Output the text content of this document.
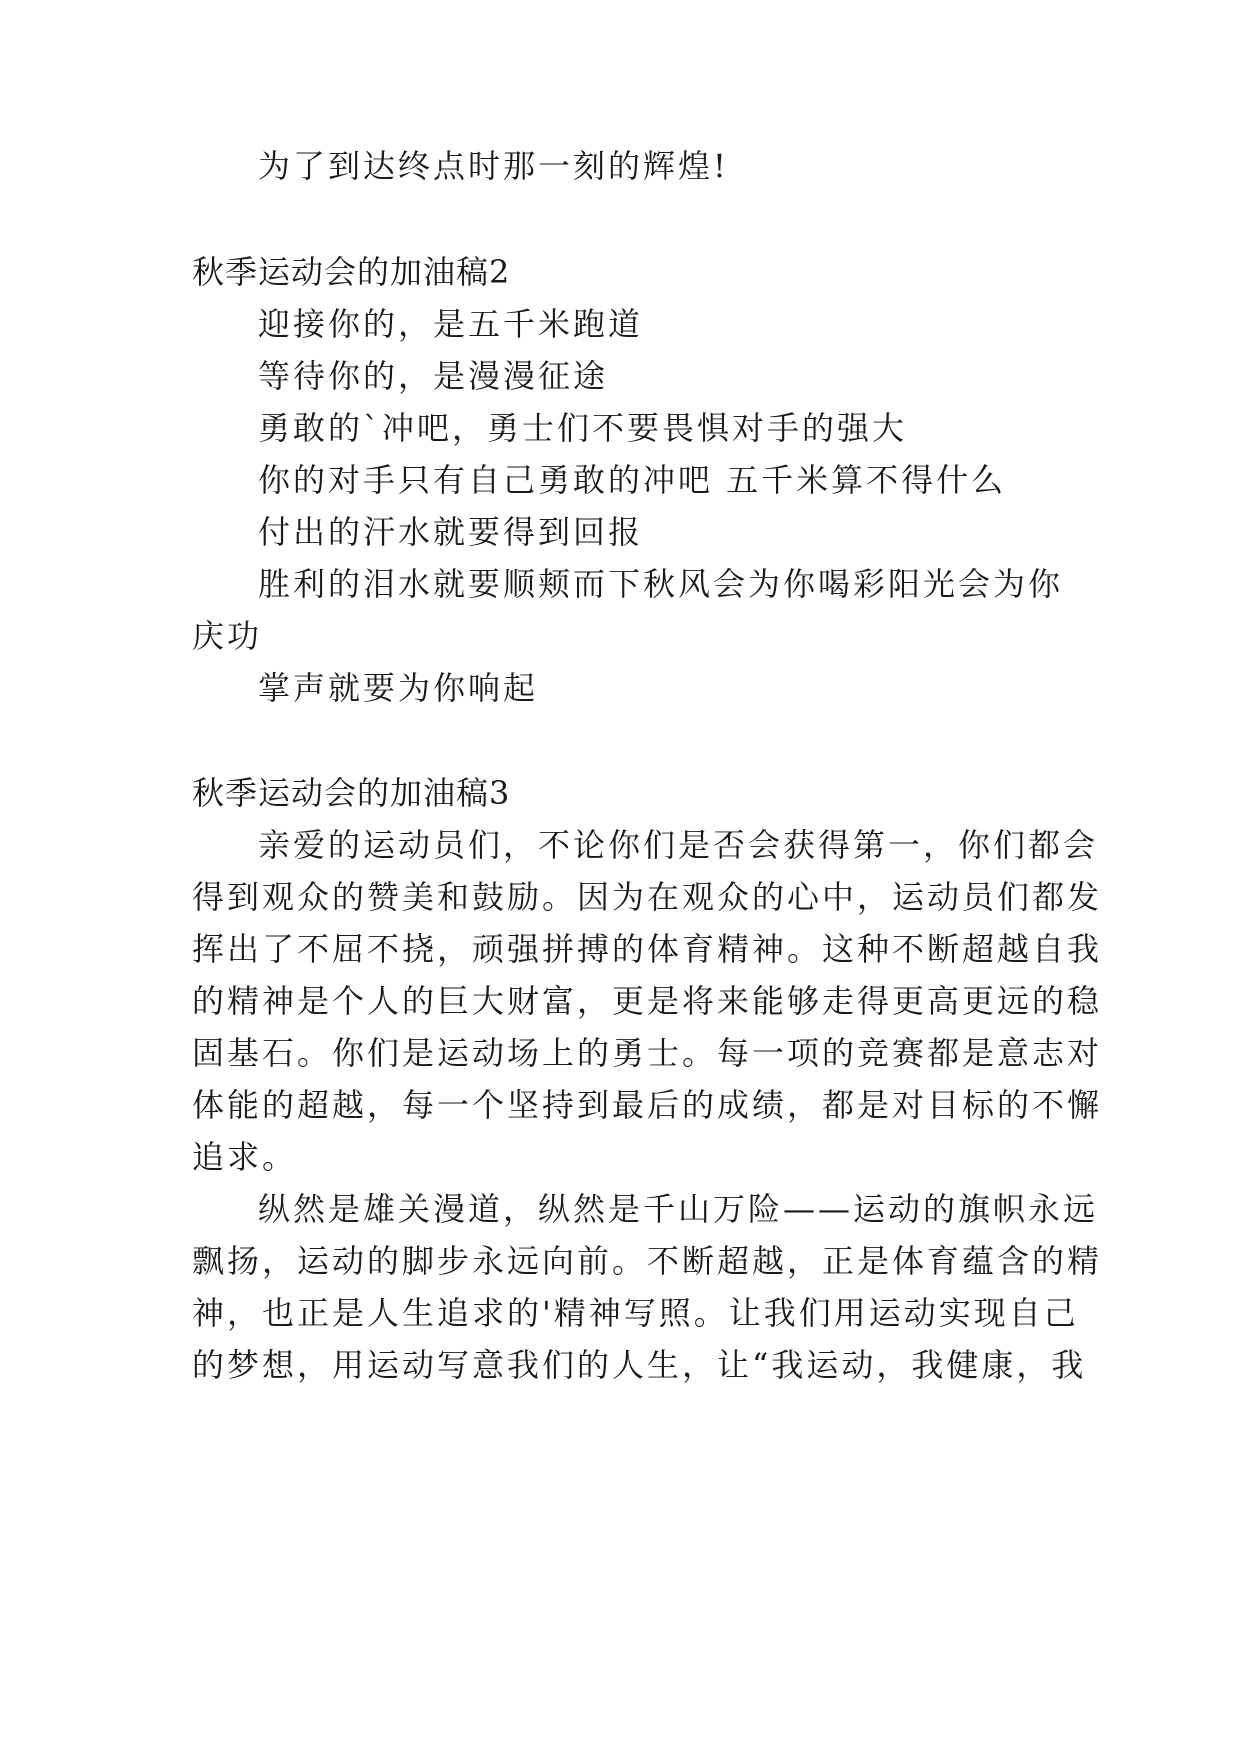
为了到达终点时那一刻的辉煌!
秋季运动会的加油稿2
迎接你的，是五千米跑道
等待你的，是漫漫征途
勇敢的`冲吧，勇士们不要畏惧对手的强大
你的对手只有自己勇敢的冲吧 五千米算不得什么
付出的汗水就要得到回报
胜利的泪水就要顺颊而下秋风会为你喝彩阳光会为你
庆功
掌声就要为你响起
秋季运动会的加油稿3
亲爱的运动员们，不论你们是否会获得第一，你们都会
得到观众的赞美和鼓励。因为在观众的心中，运动员们都发
挥出了不屈不挠，顽强拼搏的体育精神。这种不断超越自我
的精神是个人的巨大财富，更是将来能够走得更高更远的稳
固基石。你们是运动场上的勇士。每一项的竞赛都是意志对
体能的超越，每一个坚持到最后的成绩，都是对目标的不懈
追求。
纵然是雄关漫道，纵然是千山万险——运动的旗帜永远
飘扬，运动的脚步永远向前。不断超越，正是体育蕴含的精
神，也正是人生追求的'精神写照。让我们用运动实现自己
的梦想，用运动写意我们的人生，让“我运动，我健康，我
